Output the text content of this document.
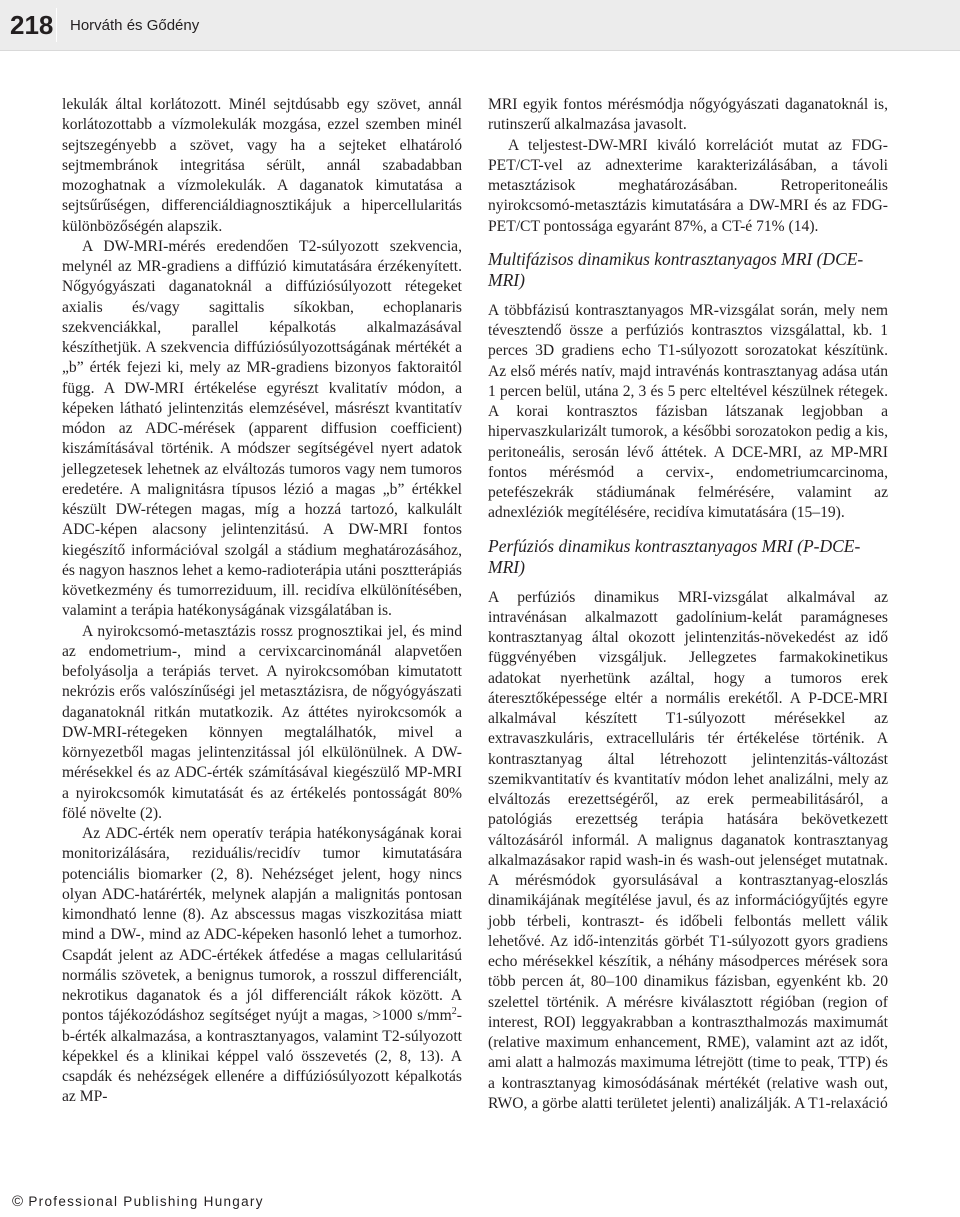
218 Horváth és Gődény

lekulák által korlátozott. Minél sejtdúsabb egy szövet, annál korlátozottabb a vízmolekulák mozgása, ezzel szemben minél sejtszegényebb a szövet, vagy ha a sejteket elhatároló sejtmembránok integritása sérült, annál szabadabban mozoghatnak a vízmolekulák. A daganatok kimutatása a sejtsűrűségen, differenciáldiagnosztikájuk a hipercellularitás különbözőségén alapszik.

A DW-MRI-mérés eredendően T2-súlyozott szekvencia, melynél az MR-gradiens a diffúzió kimutatására érzékenyített. Nőgyógyászati daganatoknál a diffúziósúlyozott rétegeket axialis és/vagy sagittalis síkokban, echoplanaris szekvenciákkal, parallel képalkotás alkalmazásával készíthetjük. A szekvencia diffúziósúlyozottságának mértékét a „b” érték fejezi ki, mely az MR-gradiens bizonyos faktoraitól függ. A DW-MRI értékelése egyrészt kvalitatív módon, a képeken látható jelintenzitás elemzésével, másrészt kvantitatív módon az ADC-mérések (apparent diffusion coefficient) kiszámításával történik. A módszer segítségével nyert adatok jellegzetesek lehetnek az elváltozás tumoros vagy nem tumoros eredetére. A malignitásra típusos lézió a magas „b” értékkel készült DW-rétegen magas, míg a hozzá tartozó, kalkulált ADC-képen alacsony jelintenzitású. A DW-MRI fontos kiegészítő információval szolgál a stádium meghatározásához, és nagyon hasznos lehet a kemo-radioterápia utáni posztterápiás következmény és tumorreziduum, ill. recidíva elkülönítésében, valamint a terápia hatékonyságának vizsgálatában is.

A nyirokcsomó-metasztázis rossz prognosztikai jel, és mind az endometrium-, mind a cervixcarcinománál alapvetően befolyásolja a terápiás tervet. A nyirokcsomóban kimutatott nekrózis erős valószínűségi jel metasztázisra, de nőgyógyászati daganatoknál ritkán mutatkozik. Az áttétes nyirokcsomók a DW-MRI-rétegeken könnyen megtalálhatók, mivel a környezetből magas jelintenzitással jól elkülönülnek. A DW-mérésekkel és az ADC-érték számításával kiegészülő MP-MRI a nyirokcsomók kimutatását és az értékelés pontosságát 80% fölé növelte (2).

Az ADC-érték nem operatív terápia hatékonyságának korai monitorizálására, reziduális/recidív tumor kimutatására potenciális biomarker (2, 8). Nehézséget jelent, hogy nincs olyan ADC-határérték, melynek alapján a malignitás pontosan kimondható lenne (8). Az abscessus magas viszkozitása miatt mind a DW-, mind az ADC-képeken hasonló lehet a tumorhoz. Csapdát jelent az ADC-értékek átfedése a magas cellularitású normális szövetek, a benignus tumorok, a rosszul differenciált, nekrotikus daganatok és a jól differenciált rákok között. A pontos tájékozódáshoz segítséget nyújt a magas, >1000 $s/mm^2-b$-érték alkalmazása, a kontrasztanyagos, valamint T2-súlyozott képekkel és a klinikai képpel való összevetés (2, 8, 13). A csapdák és nehézségek ellenére a diffúziósúlyozott képalkotás az MP-

MRI egyik fontos mérésmódja nőgyógyászati daganatoknál is, rutinszerű alkalmazása javasolt.

A teljestest-DW-MRI kiváló korrelációt mutat az FDG-PET/CT-vel az adnexterime karakterizálásában, a távoli metasztázisok meghatározásában. Retroperitoneális nyirokcsomó-metasztázis kimutatására a DW-MRI és az FDG-PET/CT pontossága egyaránt 87%, a CT-é 71% (14).

Multifázisos dinamikus kontrasztanyagos MRI (DCE-MRI)

A többfázisú kontrasztanyagos MR-vizsgálat során, mely nem tévesztendő össze a perfúziós kontrasztos vizsgálattal, kb. 1 perces 3D gradiens echo T1-súlyozott sorozatokat készítünk. Az első mérés natív, majd intravénás kontrasztanyag adása után 1 percen belül, utána 2, 3 és 5 perc elteltével készülnek rétegek. A korai kontrasztos fázisban látszanak legjobban a hipervaszkularizált tumorok, a későbbi sorozatokon pedig a kis, peritoneális, serosán lévő áttétek. A DCE-MRI, az MP-MRI fontos mérésmód a cervix-, endometriumcarcinoma, petefészekrák stádiumának felmérésére, valamint az adnexléziók megítélésére, recidíva kimutatására (15–19).

Perfúziós dinamikus kontrasztanyagos MRI (P-DCE-MRI)

A perfúziós dinamikus MRI-vizsgálat alkalmával az intravénásan alkalmazott gadolínium-kelát paramágneses kontrasztanyag által okozott jelintenzitás-növekedést az idő függvényében vizsgáljuk. Jellegzetes farmakokinetikus adatokat nyerhetünk azáltal, hogy a tumoros erek áteresztőképessége eltér a normális erekétől. A P-DCE-MRI alkalmával készített T1-súlyozott mérésekkel az extravaszkuláris, extracelluláris tér értékelése történik. A kontrasztanyag által létrehozott jelintenzitás-változást szemikvantitatív és kvantitatív módon lehet analizálni, mely az elváltozás erezettségéről, az erek permeabilitásáról, a patológiás erezettség terápia hatására bekövetkezett változásáról informál. A malignus daganatok kontrasztanyag alkalmazásakor rapid wash-in és wash-out jelenséget mutatnak. A mérésmódok gyorsulásával a kontrasztanyag-eloszlás dinamikájának megítélése javul, és az információgyűjtés egyre jobb térbeli, kontraszt- és időbeli felbontás mellett válik lehetővé. Az idő-intenzitás görbét T1-súlyozott gyors gradiens echo mérésekkel készítik, a néhány másodperces mérések sora több percen át, 80–100 dinamikus fázisban, egyenként kb. 20 szelettel történik. A mérésre kiválasztott régióban (region of interest, ROI) leggyakrabban a kontraszthalmozás maximumát (relative maximum enhancement, RME), valamint azt az időt, ami alatt a halmozás maximuma létrejött (time to peak, TTP) és a kontrasztanyag kimosódásának mértékét (relative wash out, RWO, a görbe alatti területet jelenti) analizálják. A T1-relaxáció

© Professional Publishing Hungary
